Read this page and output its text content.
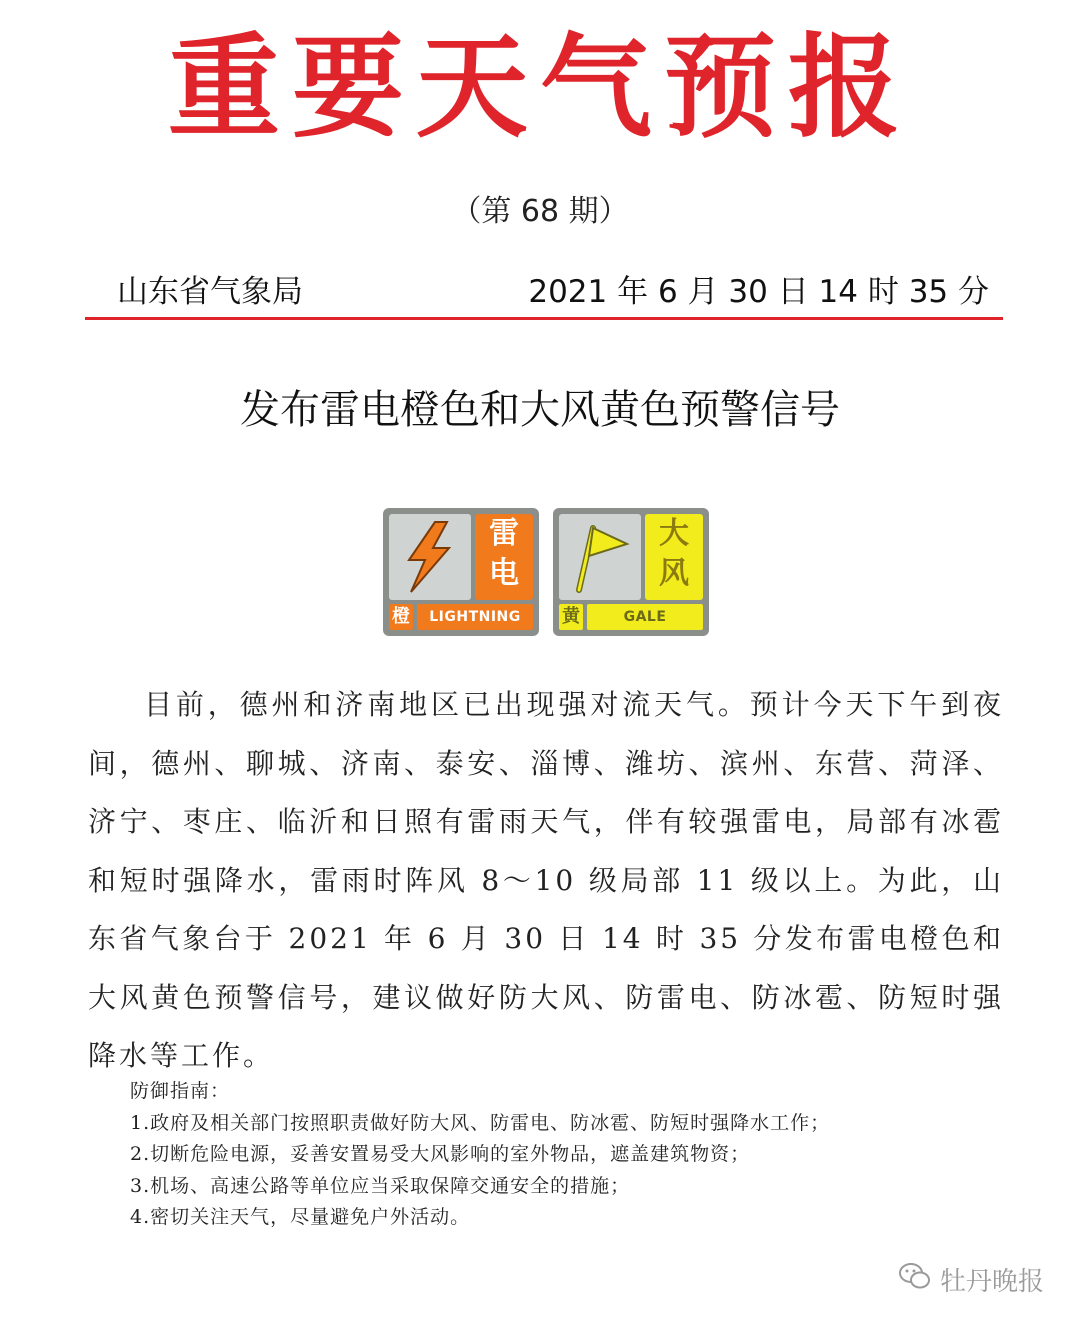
重要天气预报
（第 68 期）
山东省气象局	2021 年 6 月 30 日 14 时 35 分
发布雷电橙色和大风黄色预警信号
雷
电
橙	LIGHTNING
大
风
黄	GALE

目前，德州和济南地区已出现强对流天气。预计今天下午到夜间，德州、聊城、济南、泰安、淄博、潍坊、滨州、东营、菏泽、济宁、枣庄、临沂和日照有雷雨天气，伴有较强雷电，局部有冰雹和短时强降水，雷雨时阵风 8～10 级局部 11 级以上。为此，山东省气象台于 2021 年 6 月 30 日 14 时 35 分发布雷电橙色和大风黄色预警信号，建议做好防大风、防雷电、防冰雹、防短时强降水等工作。

防御指南：
1.政府及相关部门按照职责做好防大风、防雷电、防冰雹、防短时强降水工作；
2.切断危险电源，妥善安置易受大风影响的室外物品，遮盖建筑物资；
3.机场、高速公路等单位应当采取保障交通安全的措施；
4.密切关注天气，尽量避免户外活动。
牡丹晚报
